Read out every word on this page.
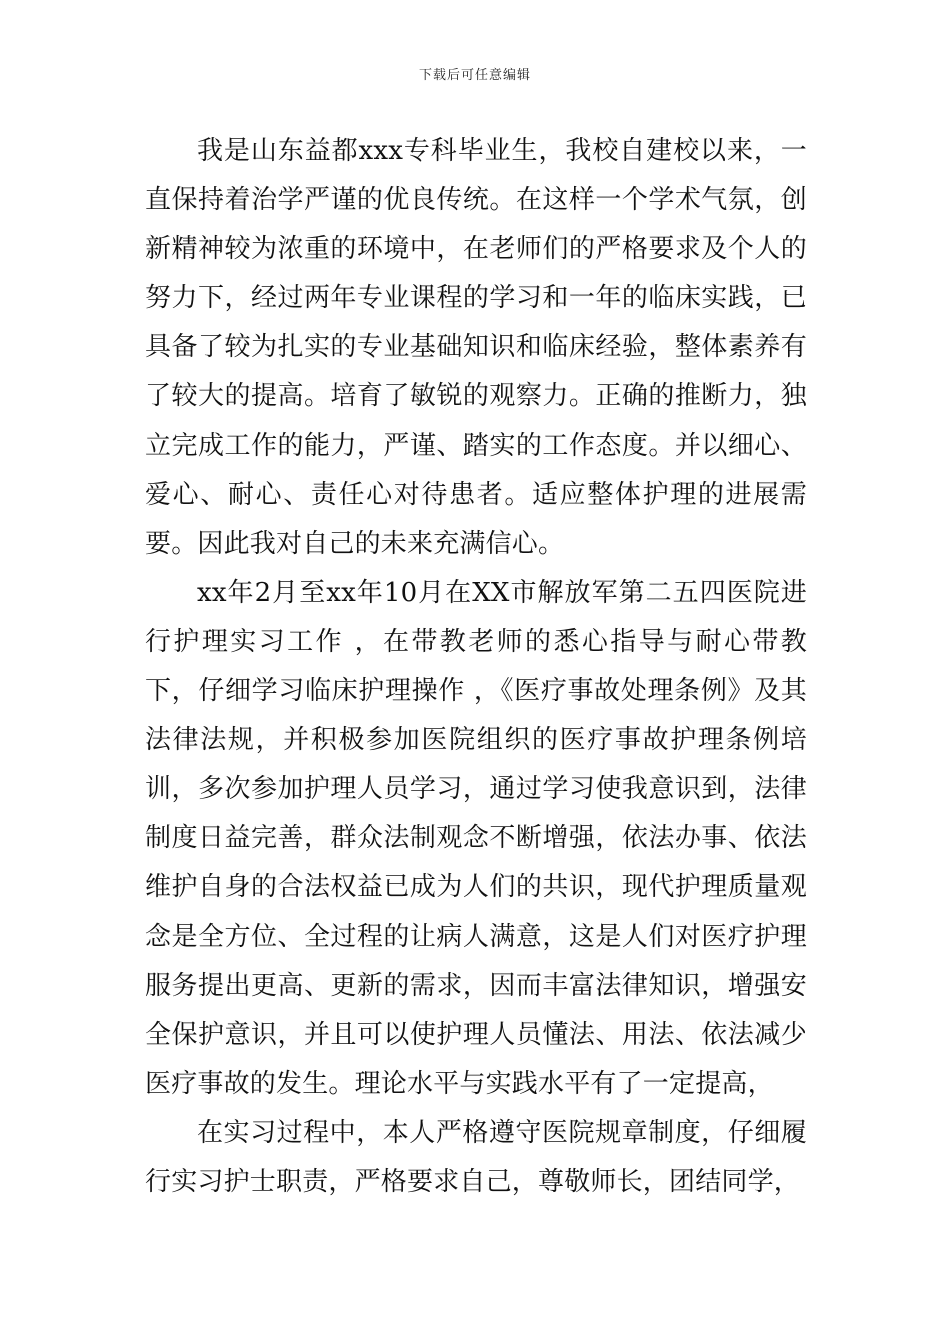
下载后可任意编辑

我是山东益都xxx专科毕业生，我校自建校以来，一直保持着治学严谨的优良传统。在这样一个学术气氛，创新精神较为浓重的环境中，在老师们的严格要求及个人的努力下，经过两年专业课程的学习和一年的临床实践，已具备了较为扎实的专业基础知识和临床经验，整体素养有了较大的提高。培育了敏锐的观察力。正确的推断力，独立完成工作的能力，严谨、踏实的工作态度。并以细心、爱心、耐心、责任心对待患者。适应整体护理的进展需要。因此我对自己的未来充满信心。

xx年2月至xx年10月在XX市解放军第二五四医院进行护理实习工作 ，在带教老师的悉心指导与耐心带教下，仔细学习临床护理操作 ，《医疗事故处理条例》及其法律法规，并积极参加医院组织的医疗事故护理条例培训，多次参加护理人员学习，通过学习使我意识到，法律制度日益完善，群众法制观念不断增强，依法办事、依法维护自身的合法权益已成为人们的共识，现代护理质量观念是全方位、全过程的让病人满意，这是人们对医疗护理服务提出更高、更新的需求，因而丰富法律知识，增强安全保护意识，并且可以使护理人员懂法、用法、依法减少医疗事故的发生。理论水平与实践水平有了一定提高，

在实习过程中，本人严格遵守医院规章制度，仔细履行实习护士职责，严格要求自己，尊敬师长，团结同学，
